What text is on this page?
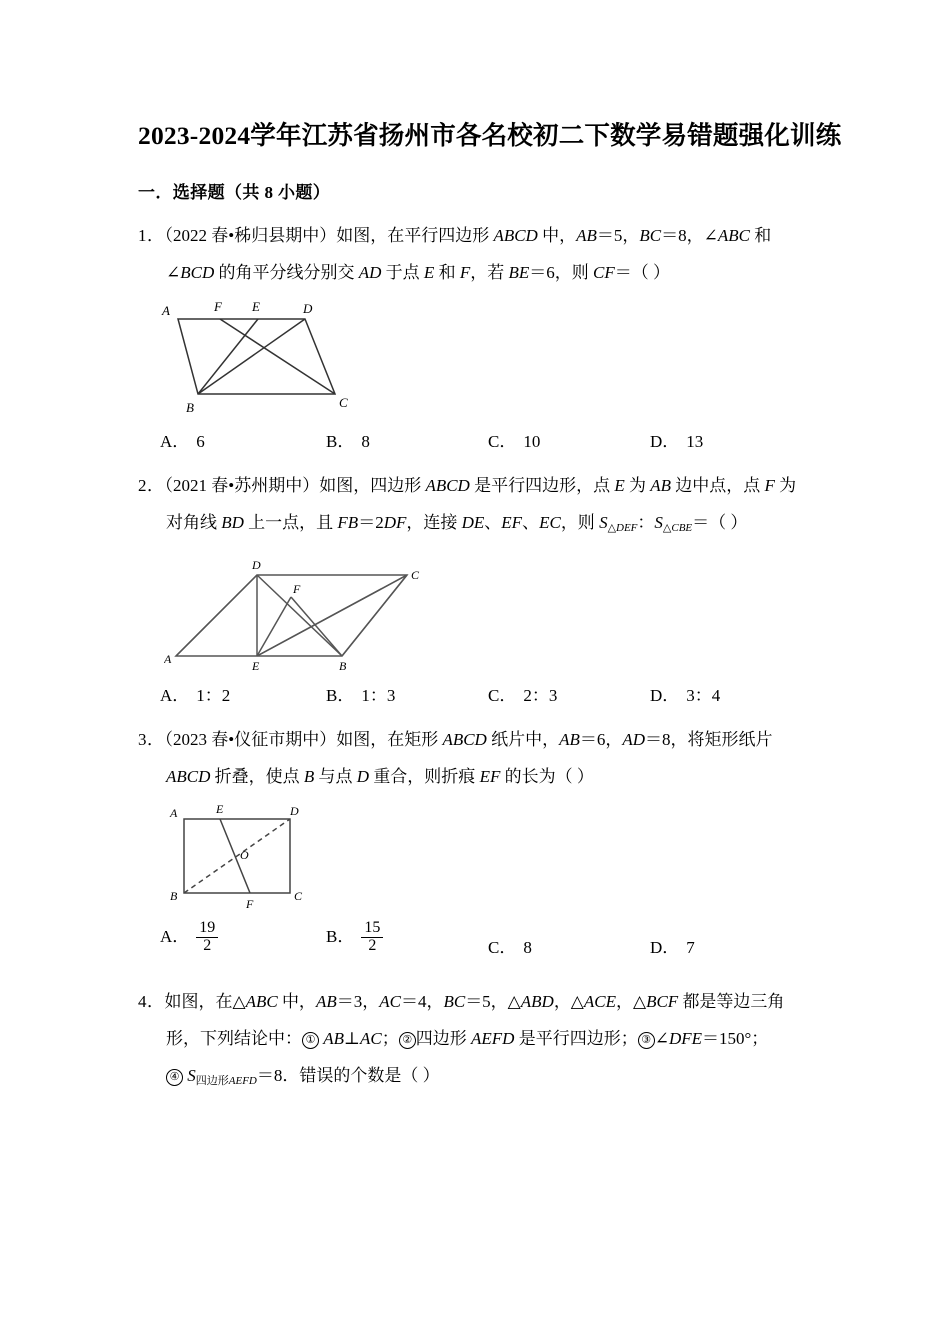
2023-2024学年江苏省扬州市各名校初二下数学易错题强化训练
一．选择题（共 8 小题）
1．（2022 春•秭归县期中）如图，在平行四边形 ABCD 中，AB＝5，BC＝8，∠ABC 和
∠BCD 的角平分线分别交 AD 于点 E 和 F，若 BE＝6，则 CF＝（ ）
A	F E	D
B	C
A． 6	B． 8	C． 10	D． 13
2．（2021 春•苏州期中）如图，四边形 ABCD 是平行四边形，点 E 为 AB 边中点，点 F 为
对角线 BD 上一点，且 FB＝2DF，连接 DE、EF、EC，则 $S_{\triangle DEF}$：$S_{\triangle CBE}=$（ ）
A	E	B
D
C
F
A． 1：2	B． 1：3	C． 2：3	D． 3：4
3．（2023 春•仪征市期中）如图，在矩形 ABCD 纸片中，AB＝6，AD＝8，将矩形纸片
ABCD 折叠，使点 B 与点 D 重合，则折痕 EF 的长为（ ）
A	E	D
B
F
C
O
A． $\frac{19}{2}$	B． $\frac{15}{2}$	C． 8	D． 7
4．如图，在△ABC 中，AB＝3，AC＝4，BC＝5，△ABD，△ACE，△BCF 都是等边三角
形，下列结论中： ① AB⊥AC； ② 四边形 AEFD 是平行四边形； ③ ∠DFE＝150°；
④ S四边形$_{AEFD}$＝8．错误的个数是（ ）
